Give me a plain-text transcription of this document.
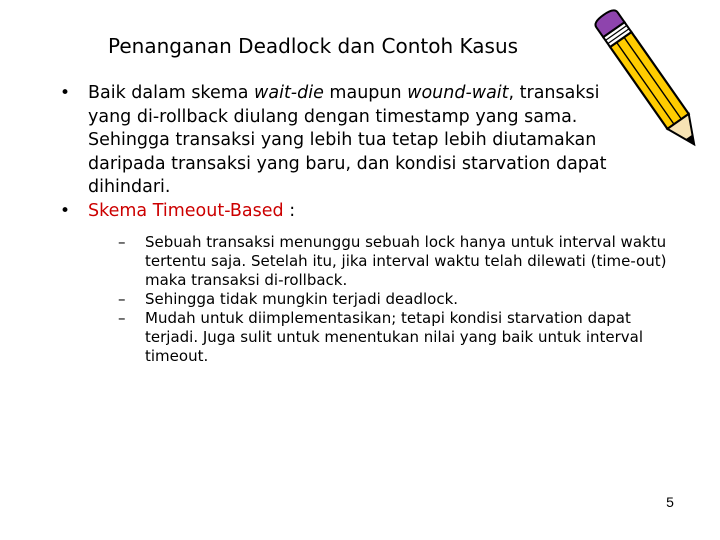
Penanganan Deadlock dan Contoh Kasus
•	Baik dalam skema wait-die maupun wound-wait, transaksi yang di-rollback diulang dengan timestamp yang sama. Sehingga transaksi yang lebih tua tetap lebih diutamakan daripada transaksi yang baru, dan kondisi starvation dapat dihindari.
•	Skema Timeout-Based :
– Sebuah transaksi menunggu sebuah lock hanya untuk interval waktu tertentu saja. Setelah itu, jika interval waktu telah dilewati (time-out) maka transaksi di-rollback.
– Sehingga tidak mungkin terjadi deadlock.
– Mudah untuk diimplementasikan; tetapi kondisi starvation dapat terjadi. Juga sulit untuk menentukan nilai yang baik untuk interval timeout.
5
